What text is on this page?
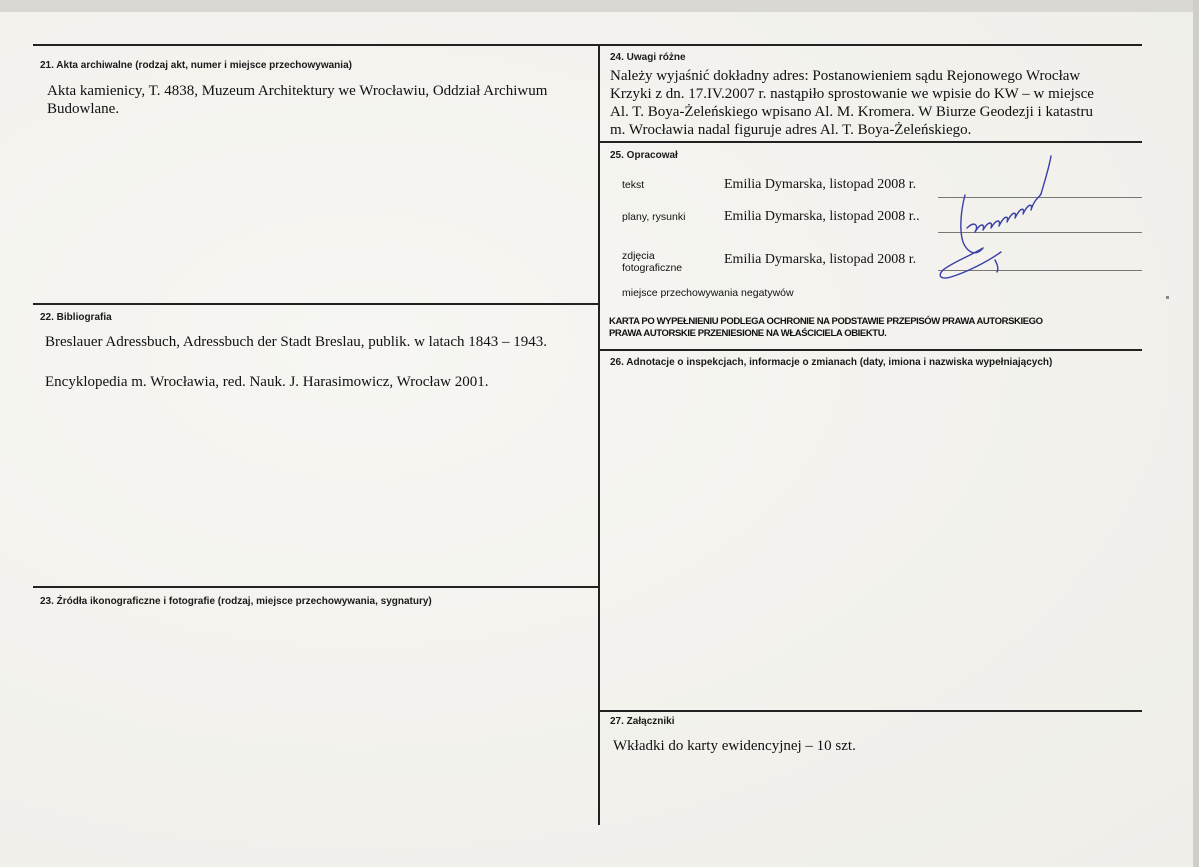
21. Akta archiwalne (rodzaj akt, numer i miejsce przechowywania)
Akta kamienicy, T. 4838, Muzeum Architektury we Wrocławiu, Oddział Archiwum
Budowlane.
22. Bibliografia
Breslauer Adressbuch, Adressbuch der Stadt Breslau, publik. w latach 1843 – 1943.
Encyklopedia m. Wrocławia, red. Nauk. J. Harasimowicz, Wrocław 2001.
23. Źródła ikonograficzne i fotografie (rodzaj, miejsce przechowywania, sygnatury)
24. Uwagi różne
Należy wyjaśnić dokładny adres: Postanowieniem sądu Rejonowego Wrocław
Krzyki z dn. 17.IV.2007 r. nastąpiło sprostowanie we wpisie do KW – w miejsce
Al. T. Boya-Żeleńskiego wpisano Al. M. Kromera. W Biurze Geodezji i katastru
m. Wrocławia nadal figuruje adres Al. T. Boya-Żeleńskiego.
25. Opracował
tekst	Emilia Dymarska, listopad 2008 r.
plany, rysunki	Emilia Dymarska, listopad 2008 r..
zdjęcia
fotograficzne
Emilia Dymarska, listopad 2008 r.
miejsce przechowywania negatywów
KARTA PO WYPEŁNIENIU PODLEGA OCHRONIE NA PODSTAWIE PRZEPISÓW PRAWA AUTORSKIEGO
PRAWA AUTORSKIE PRZENIESIONE NA WŁAŚCICIELA OBIEKTU.
26. Adnotacje o inspekcjach, informacje o zmianach (daty, imiona i nazwiska wypełniających)
27. Załączniki
Wkładki do karty ewidencyjnej – 10 szt.
